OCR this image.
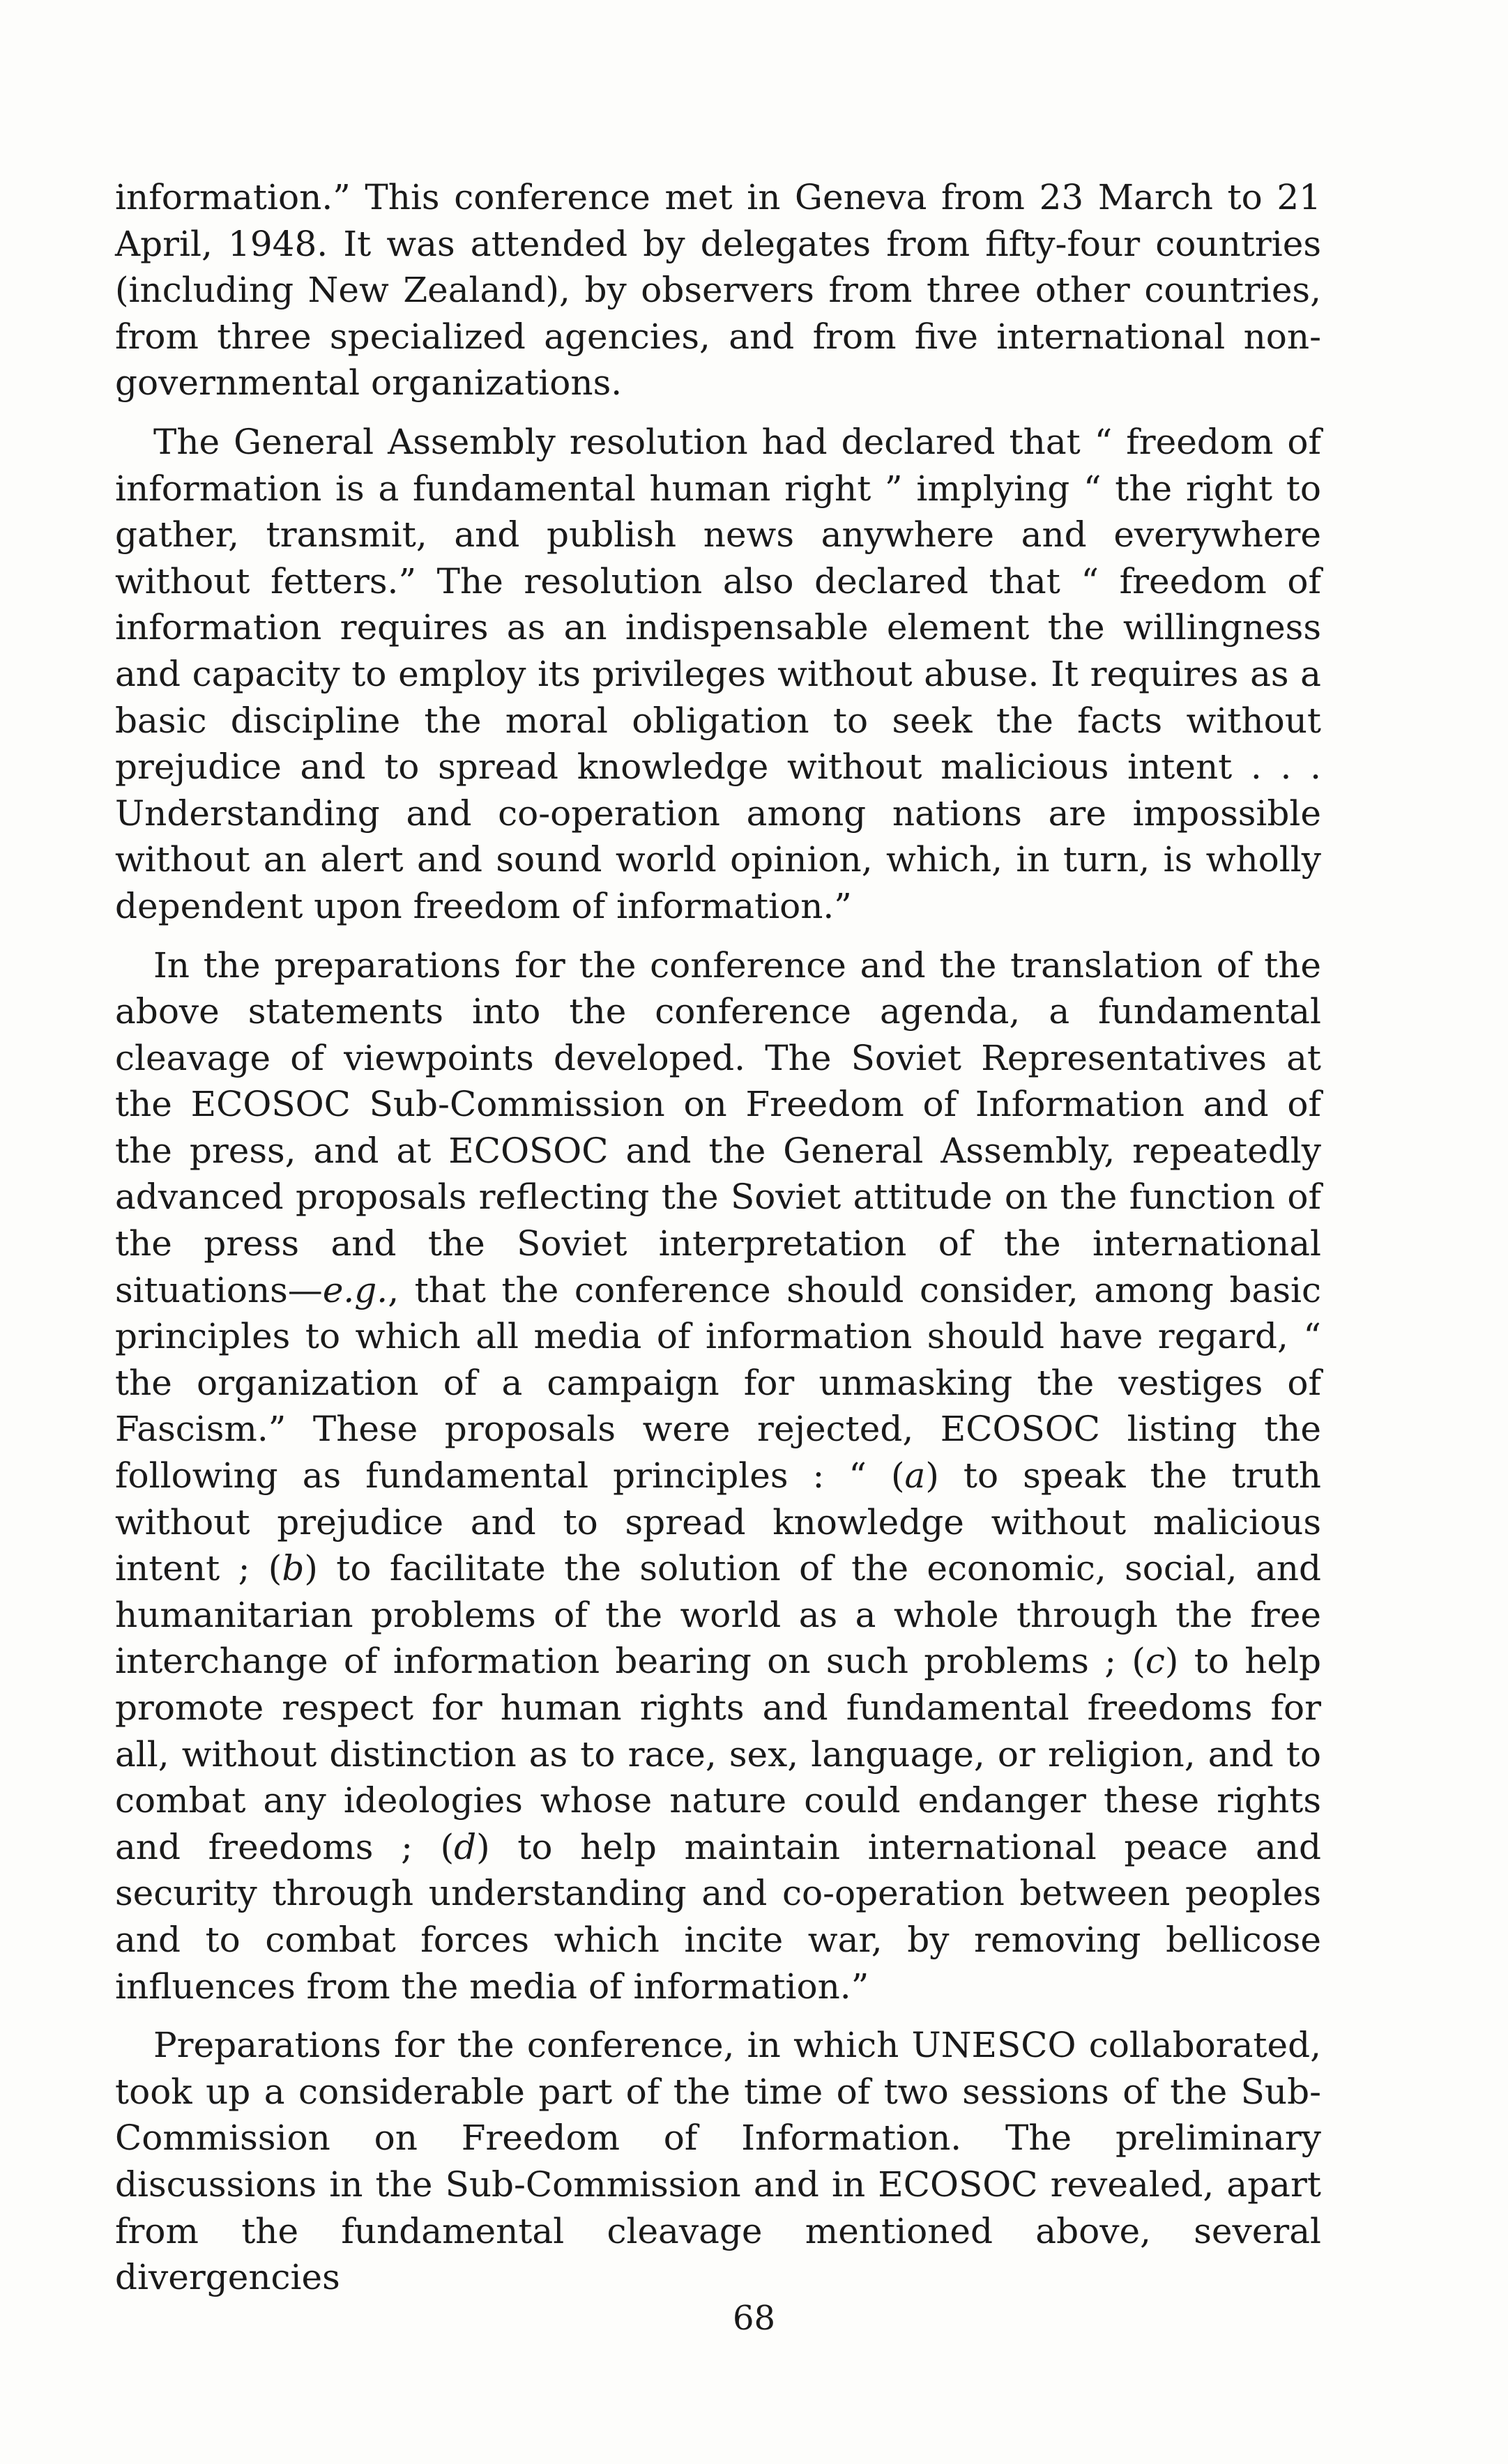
information.” This conference met in Geneva from 23 March to 21 April, 1948. It was attended by delegates from fifty-four countries (including New Zealand), by observers from three other countries, from three specialized agencies, and from five international non-governmental organizations.

The General Assembly resolution had declared that “ freedom of information is a fundamental human right ” implying “ the right to gather, transmit, and publish news anywhere and everywhere without fetters.” The resolution also declared that “ freedom of information requires as an indispensable element the willingness and capacity to employ its privileges without abuse. It requires as a basic discipline the moral obligation to seek the facts without prejudice and to spread knowledge without malicious intent . . . Understanding and co-operation among nations are impossible without an alert and sound world opinion, which, in turn, is wholly dependent upon freedom of information.”

In the preparations for the conference and the translation of the above statements into the conference agenda, a fundamental cleavage of viewpoints developed. The Soviet Representatives at the ECOSOC Sub-Commission on Freedom of Information and of the press, and at ECOSOC and the General Assembly, repeatedly advanced proposals reflecting the Soviet attitude on the function of the press and the Soviet interpretation of the international situations—e.g., that the conference should consider, among basic principles to which all media of information should have regard, “ the organization of a campaign for unmasking the vestiges of Fascism.” These proposals were rejected, ECOSOC listing the following as fundamental principles : “ (a) to speak the truth without prejudice and to spread knowledge without malicious intent ; (b) to facilitate the solution of the economic, social, and humanitarian problems of the world as a whole through the free interchange of information bearing on such problems ; (c) to help promote respect for human rights and fundamental freedoms for all, without distinction as to race, sex, language, or religion, and to combat any ideologies whose nature could endanger these rights and freedoms ; (d) to help maintain international peace and security through understanding and co-operation between peoples and to combat forces which incite war, by removing bellicose influences from the media of information.”

Preparations for the conference, in which UNESCO collaborated, took up a considerable part of the time of two sessions of the Sub-Commission on Freedom of Information. The preliminary discussions in the Sub-Commission and in ECOSOC revealed, apart from the fundamental cleavage mentioned above, several divergencies

68
